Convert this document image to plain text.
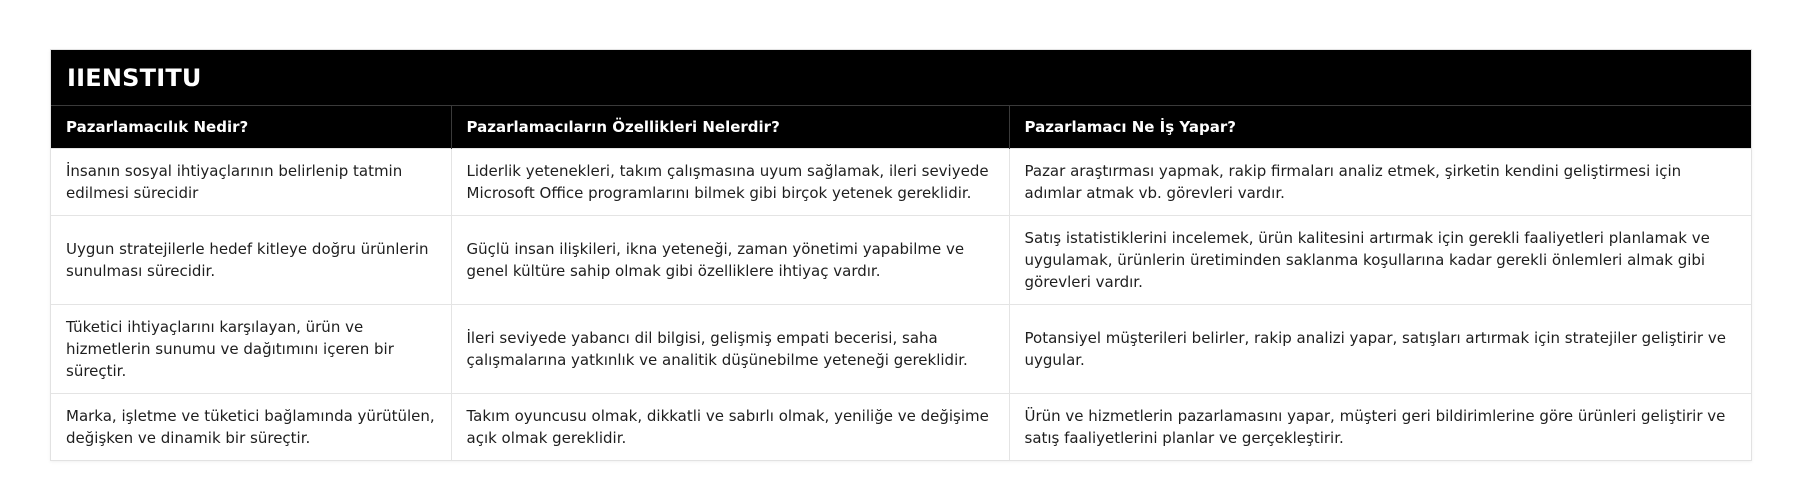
IIENSTITU
Pazarlamacılık Nedir?	Pazarlamacıların Özellikleri Nelerdir?	Pazarlamacı Ne İş Yapar?
İnsanın sosyal ihtiyaçlarının belirlenip tatmin edilmesi sürecidir	Liderlik yetenekleri, takım çalışmasına uyum sağlamak, ileri seviyede Microsoft Office programlarını bilmek gibi birçok yetenek gereklidir.	Pazar araştırması yapmak, rakip firmaları analiz etmek, şirketin kendini geliştirmesi için adımlar atmak vb. görevleri vardır.
Uygun stratejilerle hedef kitleye doğru ürünlerin sunulması sürecidir.	Güçlü insan ilişkileri, ikna yeteneği, zaman yönetimi yapabilme ve genel kültüre sahip olmak gibi özelliklere ihtiyaç vardır.	Satış istatistiklerini incelemek, ürün kalitesini artırmak için gerekli faaliyetleri planlamak ve uygulamak, ürünlerin üretiminden saklanma koşullarına kadar gerekli önlemleri almak gibi görevleri vardır.
Tüketici ihtiyaçlarını karşılayan, ürün ve hizmetlerin sunumu ve dağıtımını içeren bir süreçtir.	İleri seviyede yabancı dil bilgisi, gelişmiş empati becerisi, saha çalışmalarına yatkınlık ve analitik düşünebilme yeteneği gereklidir.	Potansiyel müşterileri belirler, rakip analizi yapar, satışları artırmak için stratejiler geliştirir ve uygular.
Marka, işletme ve tüketici bağlamında yürütülen, değişken ve dinamik bir süreçtir.	Takım oyuncusu olmak, dikkatli ve sabırlı olmak, yeniliğe ve değişime açık olmak gereklidir.	Ürün ve hizmetlerin pazarlamasını yapar, müşteri geri bildirimlerine göre ürünleri geliştirir ve satış faaliyetlerini planlar ve gerçekleştirir.
